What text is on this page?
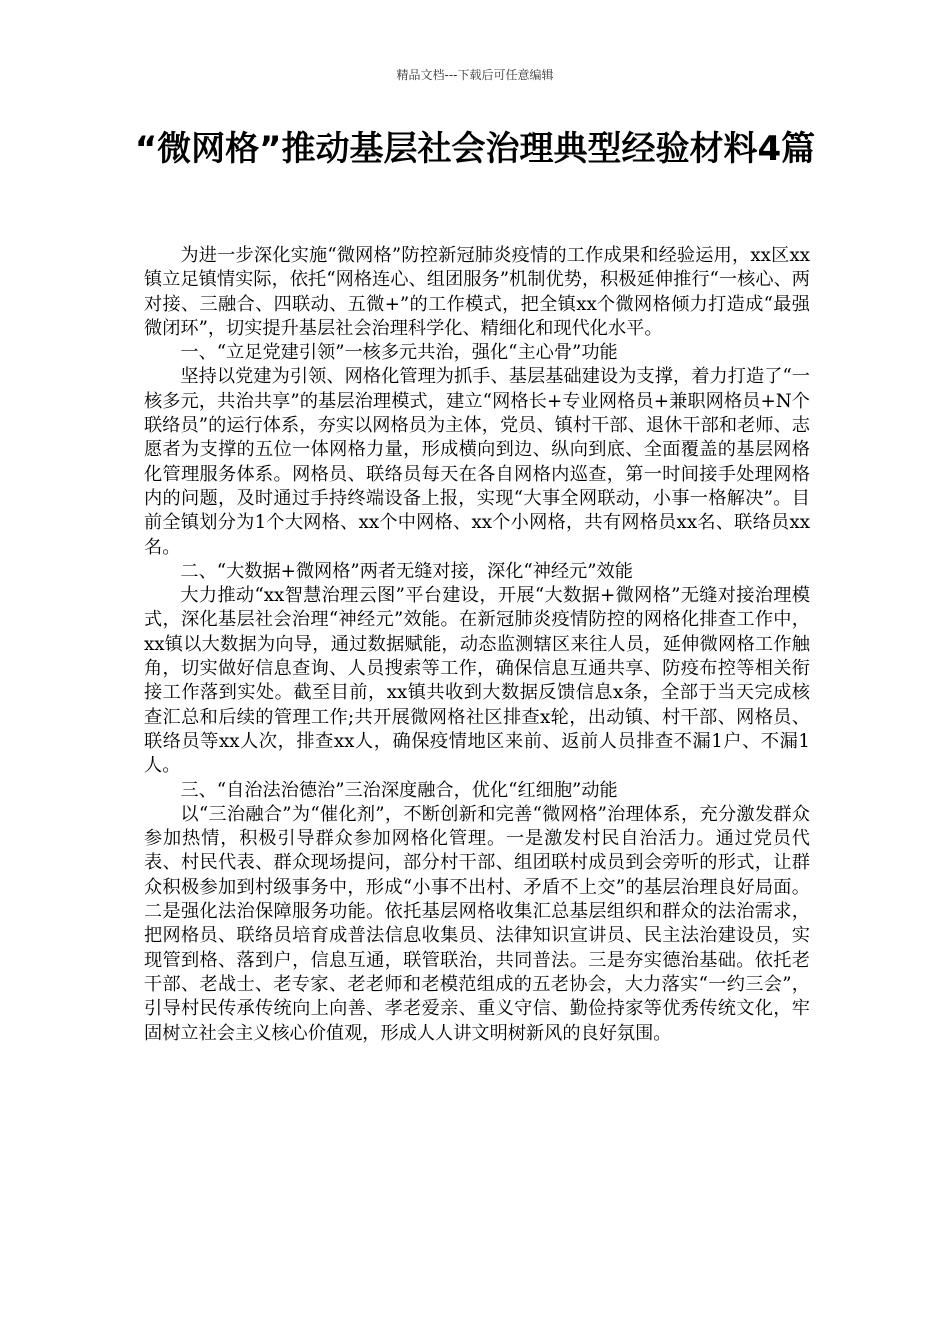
精品文档---下载后可任意编辑
“微网格”推动基层社会治理典型经验材料4篇

为进一步深化实施“微网格”防控新冠肺炎疫情的工作成果和经验运用，xx区xx镇立足镇情实际，依托“网格连心、组团服务”机制优势，积极延伸推行“一核心、两对接、三融合、四联动、五微+”的工作模式，把全镇xx个微网格倾力打造成“最强微闭环”，切实提升基层社会治理科学化、精细化和现代化水平。

一、“立足党建引领”一核多元共治，强化“主心骨”功能

坚持以党建为引领、网格化管理为抓手、基层基础建设为支撑，着力打造了“一核多元，共治共享”的基层治理模式，建立“网格长+专业网格员+兼职网格员+N个联络员”的运行体系，夯实以网格员为主体，党员、镇村干部、退休干部和老师、志愿者为支撑的五位一体网格力量，形成横向到边、纵向到底、全面覆盖的基层网格化管理服务体系。网格员、联络员每天在各自网格内巡查，第一时间接手处理网格内的问题，及时通过手持终端设备上报，实现“大事全网联动，小事一格解决”。目前全镇划分为1个大网格、xx个中网格、xx个小网格，共有网格员xx名、联络员xx名。

二、“大数据+微网格”两者无缝对接，深化“神经元”效能

大力推动“xx智慧治理云图”平台建设，开展“大数据+微网格”无缝对接治理模式，深化基层社会治理“神经元”效能。在新冠肺炎疫情防控的网格化排查工作中，xx镇以大数据为向导，通过数据赋能，动态监测辖区来往人员，延伸微网格工作触角，切实做好信息查询、人员搜索等工作，确保信息互通共享、防疫布控等相关衔接工作落到实处。截至目前，xx镇共收到大数据反馈信息x条，全部于当天完成核查汇总和后续的管理工作;共开展微网格社区排查x轮，出动镇、村干部、网格员、联络员等xx人次，排查xx人，确保疫情地区来前、返前人员排查不漏1户、不漏1人。

三、“自治法治德治”三治深度融合，优化“红细胞”动能

以“三治融合”为“催化剂”，不断创新和完善“微网格”治理体系，充分激发群众参加热情，积极引导群众参加网格化管理。一是激发村民自治活力。通过党员代表、村民代表、群众现场提问，部分村干部、组团联村成员到会旁听的形式，让群众积极参加到村级事务中，形成“小事不出村、矛盾不上交”的基层治理良好局面。二是强化法治保障服务功能。依托基层网格收集汇总基层组织和群众的法治需求，把网格员、联络员培育成普法信息收集员、法律知识宣讲员、民主法治建设员，实现管到格、落到户，信息互通，联管联治，共同普法。三是夯实德治基础。依托老干部、老战士、老专家、老老师和老模范组成的五老协会，大力落实“一约三会”，引导村民传承传统向上向善、孝老爱亲、重义守信、勤俭持家等优秀传统文化，牢固树立社会主义核心价值观，形成人人讲文明树新风的良好氛围。
